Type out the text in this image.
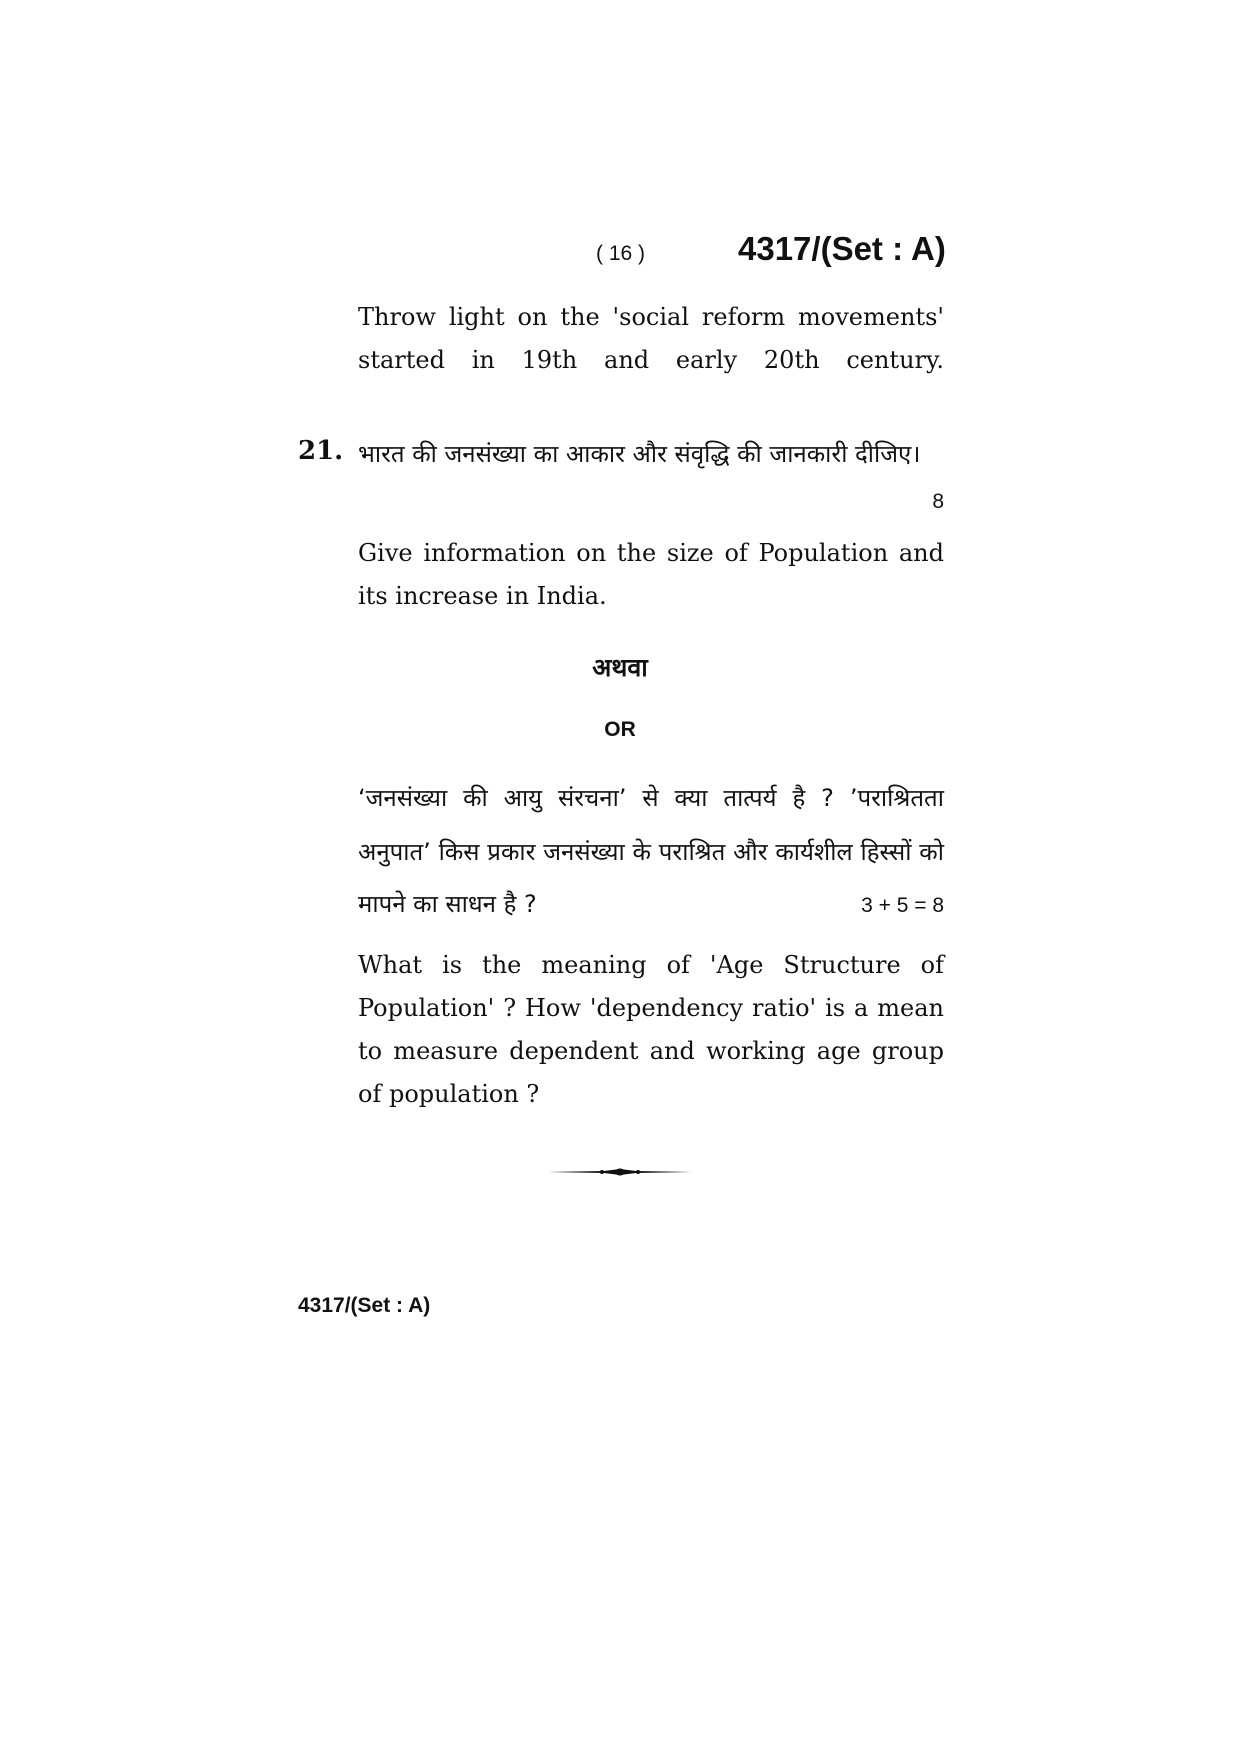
( 16 )	4317/(Set : A)
Throw light on the 'social reform movements' started in 19th and early 20th century.
21. भारत की जनसंख्या का आकार और संवृद्धि की जानकारी दीजिए।
8
Give information on the size of Population and its increase in India.
अथवा
OR
‘जनसंख्या की आयु संरचना’ से क्या तात्पर्य है ? ’पराश्रितता
अनुपात’ किस प्रकार जनसंख्या के पराश्रित और कार्यशील हिस्सों को
मापने का साधन है ?	3 + 5 = 8
What is the meaning of 'Age Structure of Population' ? How 'dependency ratio' is a mean to measure dependent and working age group of population ?
4317/(Set : A)
